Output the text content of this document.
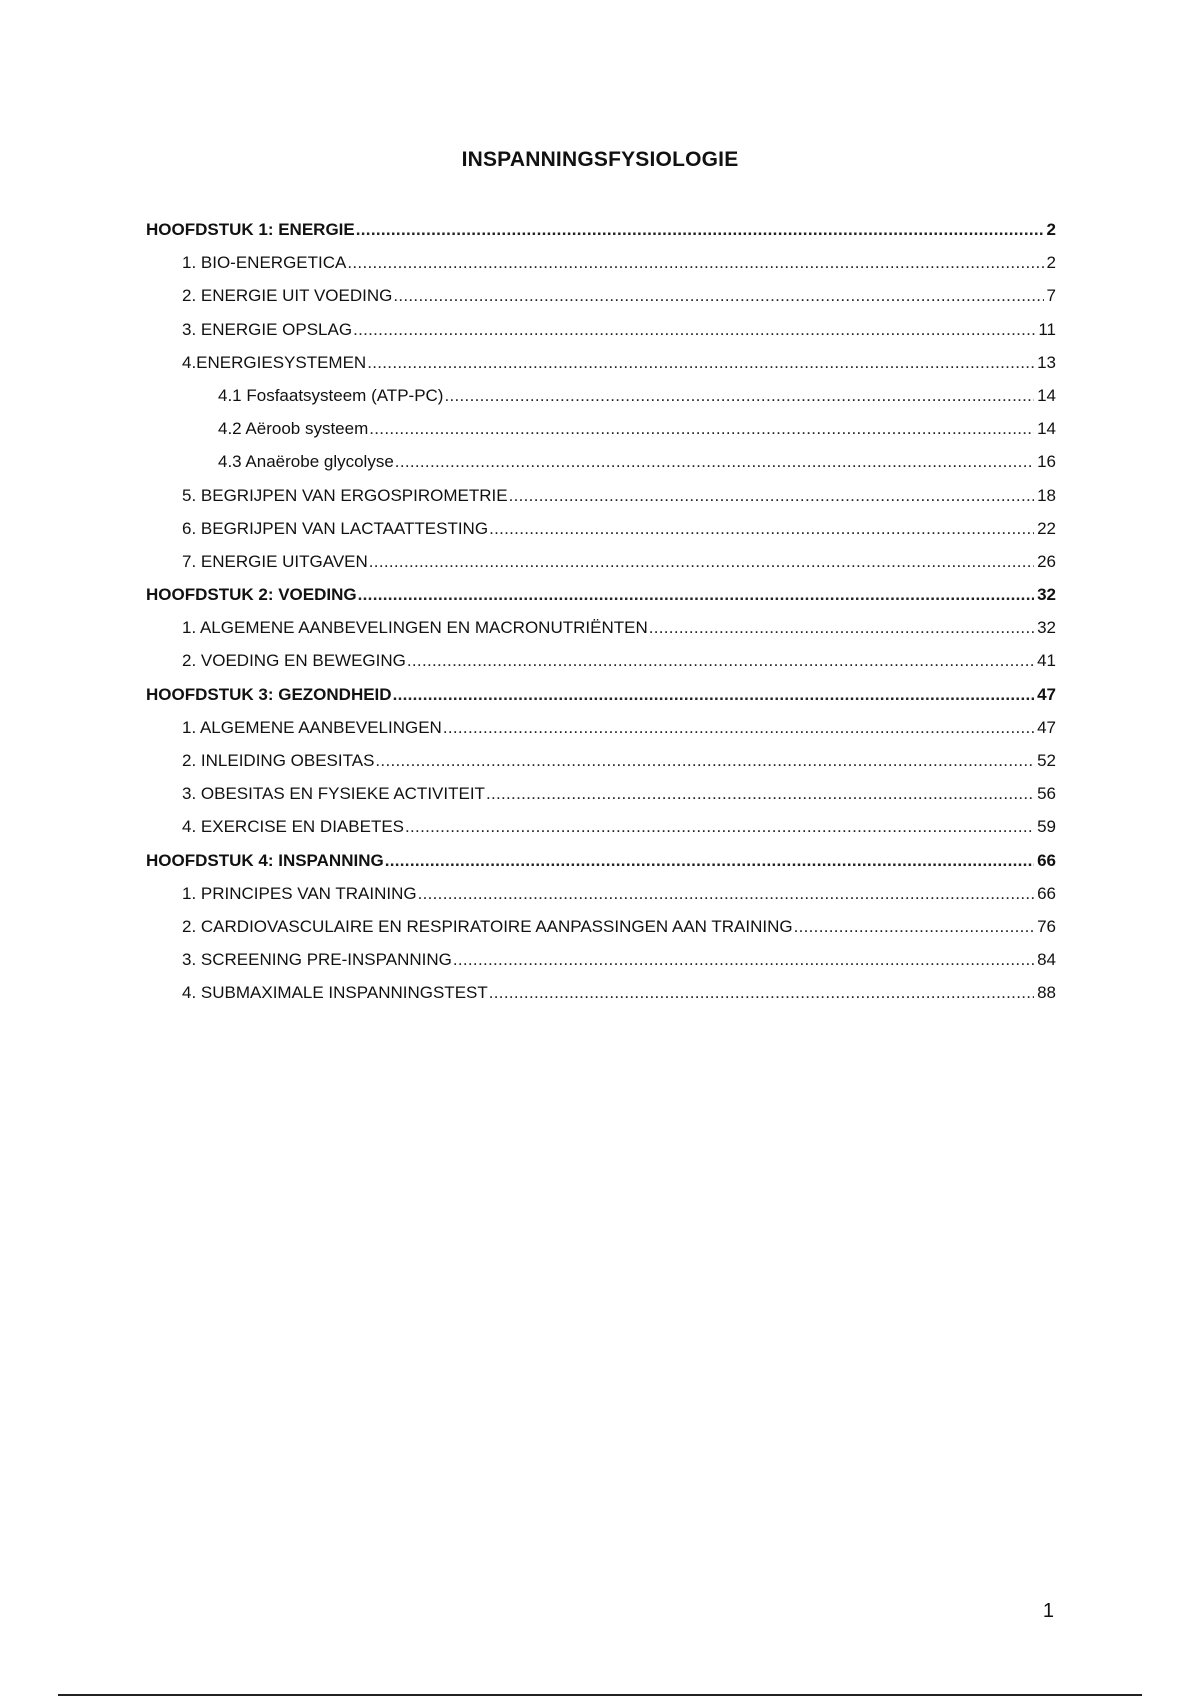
INSPANNINGSFYSIOLOGIE
HOOFDSTUK 1: ENERGIE .....	2
1. BIO-ENERGETICA .....	2
2. ENERGIE UIT VOEDING .....	7
3. ENERGIE OPSLAG .....	11
4.ENERGIESYSTEMEN .....	13
4.1 Fosfaatsysteem (ATP-PC) .....	14
4.2 Aëroob systeem .....	14
4.3 Anaërobe glycolyse .....	16
5. BEGRIJPEN VAN ERGOSPIROMETRIE .....	18
6. BEGRIJPEN VAN LACTAATTESTING .....	22
7. ENERGIE UITGAVEN .....	26
HOOFDSTUK 2: VOEDING .....	32
1. ALGEMENE AANBEVELINGEN EN MACRONUTRIËNTEN .....	32
2. VOEDING EN BEWEGING .....	41
HOOFDSTUK 3: GEZONDHEID .....	47
1. ALGEMENE AANBEVELINGEN .....	47
2. INLEIDING OBESITAS .....	52
3. OBESITAS EN FYSIEKE ACTIVITEIT .....	56
4. EXERCISE EN DIABETES .....	59
HOOFDSTUK 4: INSPANNING .....	66
1. PRINCIPES VAN TRAINING .....	66
2. CARDIOVASCULAIRE EN RESPIRATOIRE AANPASSINGEN AAN TRAINING .....	76
3. SCREENING PRE-INSPANNING .....	84
4. SUBMAXIMALE INSPANNINGSTEST .....	88
1
